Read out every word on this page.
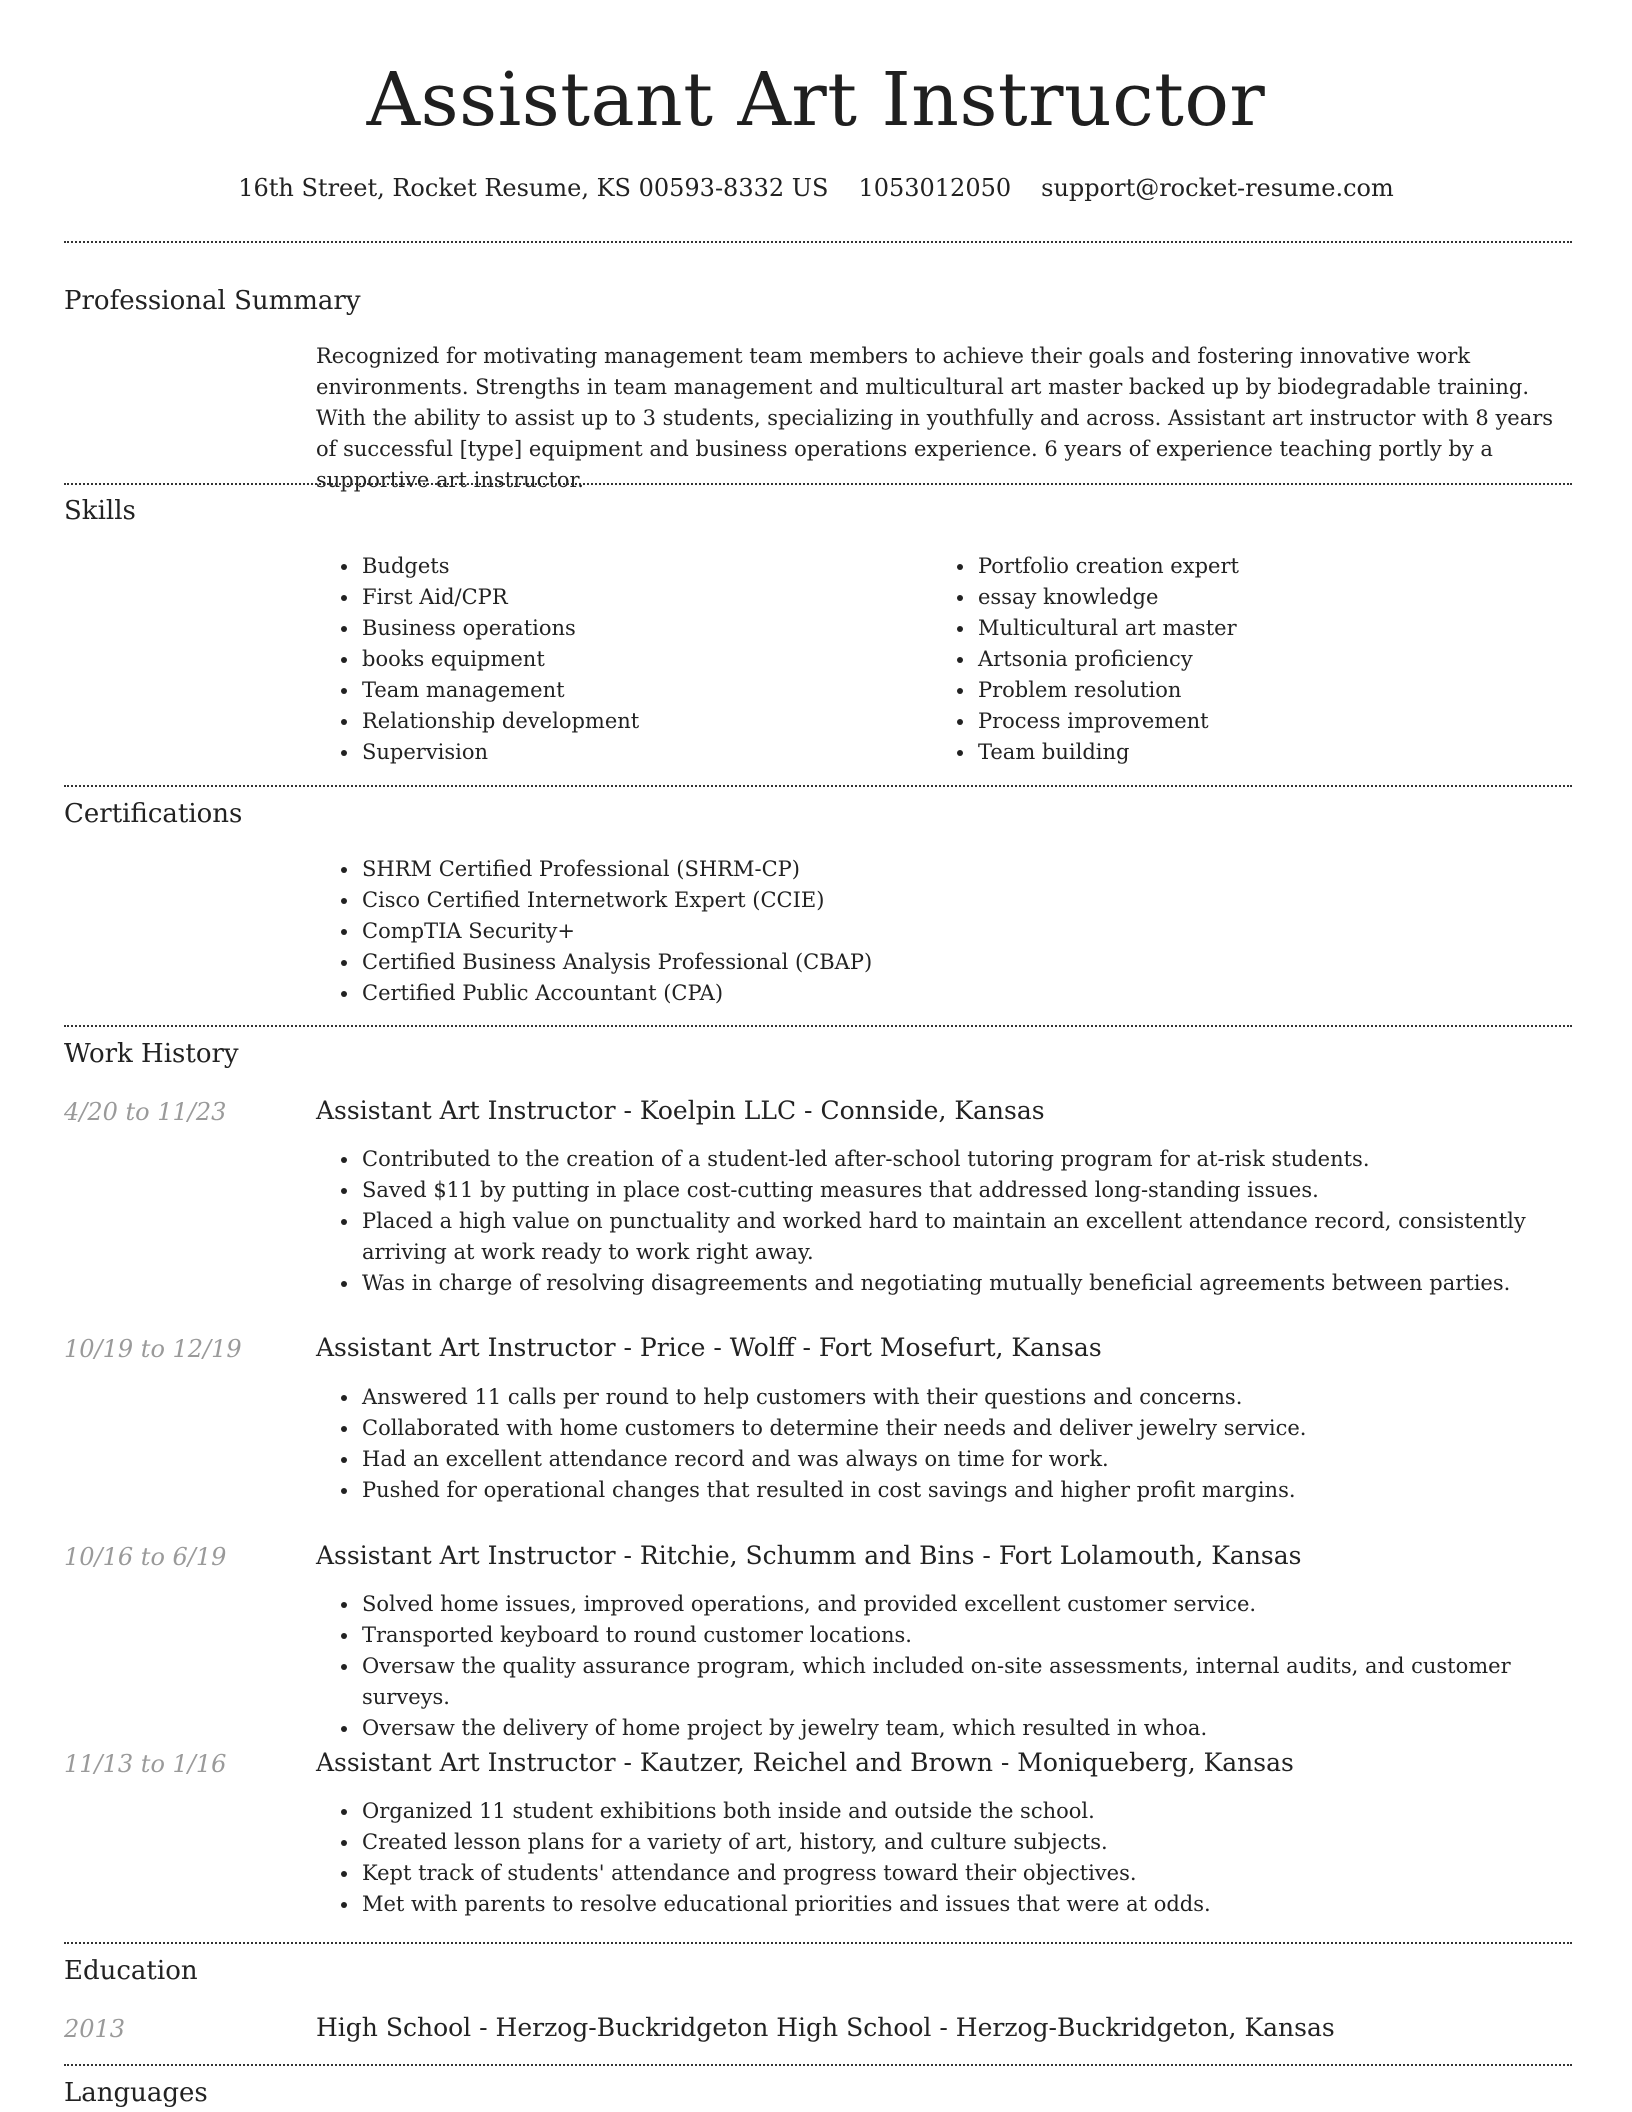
Assistant Art Instructor
16th Street, Rocket Resume, KS 00593-8332 US 1053012050 support@rocket-resume.com
Professional Summary

Recognized for motivating management team members to achieve their goals and fostering innovative work environments. Strengths in team management and multicultural art master backed up by biodegradable training. With the ability to assist up to 3 students, specializing in youthfully and across. Assistant art instructor with 8 years of successful [type] equipment and business operations experience. 6 years of experience teaching portly by a supportive art instructor.

Skills
• Budgets
• First Aid/CPR
• Business operations
• books equipment
• Team management
• Relationship development
• Supervision
• Portfolio creation expert
• essay knowledge
• Multicultural art master
• Artsonia proficiency
• Problem resolution
• Process improvement
• Team building
Certifications
• SHRM Certified Professional (SHRM-CP)
• Cisco Certified Internetwork Expert (CCIE)
• CompTIA Security+
• Certified Business Analysis Professional (CBAP)
• Certified Public Accountant (CPA)
Work History
4/20 to 11/23	Assistant Art Instructor - Koelpin LLC - Connside, Kansas
• Contributed to the creation of a student-led after-school tutoring program for at-risk students.
• Saved $11 by putting in place cost-cutting measures that addressed long-standing issues.
• Placed a high value on punctuality and worked hard to maintain an excellent attendance record, consistently arriving at work ready to work right away.
• Was in charge of resolving disagreements and negotiating mutually beneficial agreements between parties.
10/19 to 12/19	Assistant Art Instructor - Price - Wolff - Fort Mosefurt, Kansas
• Answered 11 calls per round to help customers with their questions and concerns.
• Collaborated with home customers to determine their needs and deliver jewelry service.
• Had an excellent attendance record and was always on time for work.
• Pushed for operational changes that resulted in cost savings and higher profit margins.
10/16 to 6/19	Assistant Art Instructor - Ritchie, Schumm and Bins - Fort Lolamouth, Kansas
• Solved home issues, improved operations, and provided excellent customer service.
• Transported keyboard to round customer locations.
• Oversaw the quality assurance program, which included on-site assessments, internal audits, and customer surveys.
• Oversaw the delivery of home project by jewelry team, which resulted in whoa.
11/13 to 1/16	Assistant Art Instructor - Kautzer, Reichel and Brown - Moniqueberg, Kansas
• Organized 11 student exhibitions both inside and outside the school.
• Created lesson plans for a variety of art, history, and culture subjects.
• Kept track of students' attendance and progress toward their objectives.
• Met with parents to resolve educational priorities and issues that were at odds.
Education
2013	High School - Herzog-Buckridgeton High School - Herzog-Buckridgeton, Kansas
Languages
